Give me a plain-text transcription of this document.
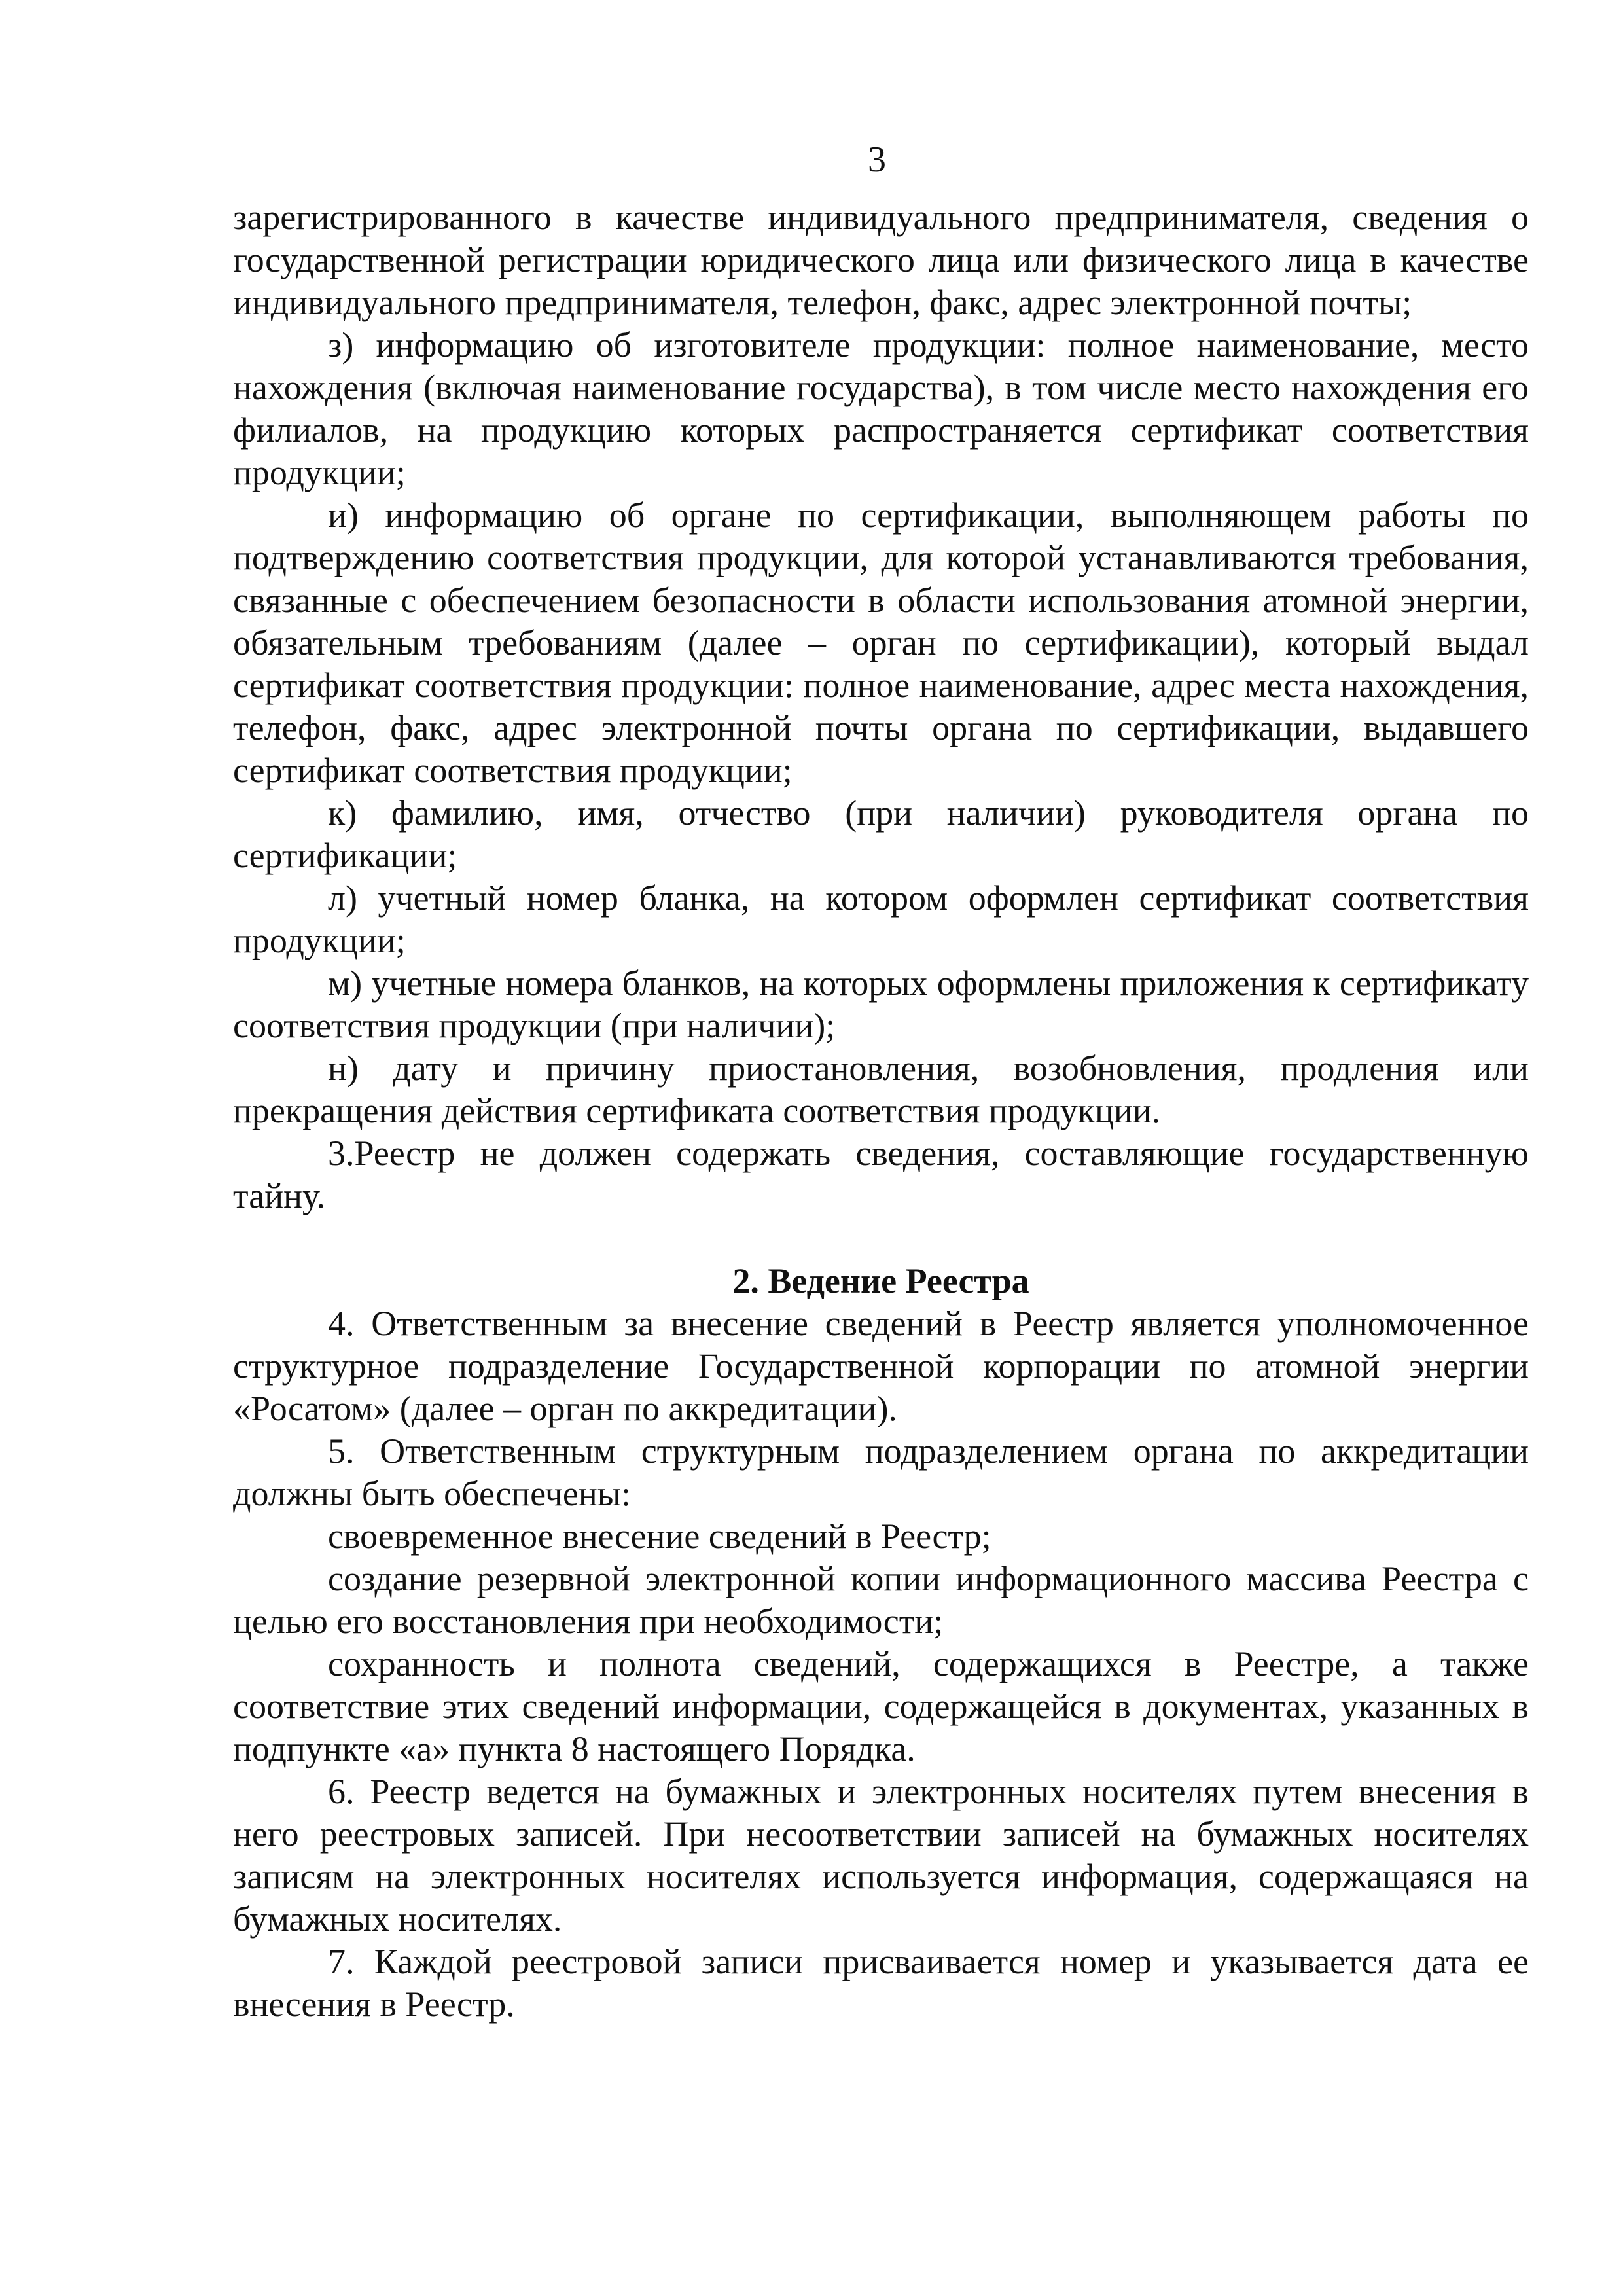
3

зарегистрированного в качестве индивидуального предпринимателя, сведения о государственной регистрации юридического лица или физического лица в качестве индивидуального предпринимателя, телефон, факс, адрес электронной почты;

з) информацию об изготовителе продукции: полное наименование, место нахождения (включая наименование государства), в том числе место нахождения его филиалов, на продукцию которых распространяется сертификат соответствия продукции;

и) информацию об органе по сертификации, выполняющем работы по подтверждению соответствия продукции, для которой устанавливаются требования, связанные с обеспечением безопасности в области использования атомной энергии, обязательным требованиям (далее – орган по сертификации), который выдал сертификат соответствия продукции: полное наименование, адрес места нахождения, телефон, факс, адрес электронной почты органа по сертификации, выдавшего сертификат соответствия продукции;

к) фамилию, имя, отчество (при наличии) руководителя органа по сертификации;

л) учетный номер бланка, на котором оформлен сертификат соответствия продукции;

м) учетные номера бланков, на которых оформлены приложения к сертификату соответствия продукции (при наличии);

н) дату и причину приостановления, возобновления, продления или прекращения действия сертификата соответствия продукции.

3.Реестр не должен содержать сведения, составляющие государственную тайну.

2. Ведение Реестра

4. Ответственным за внесение сведений в Реестр является уполномоченное структурное подразделение Государственной корпорации по атомной энергии «Росатом» (далее – орган по аккредитации).

5. Ответственным структурным подразделением органа по аккредитации должны быть обеспечены:

своевременное внесение сведений в Реестр;

создание резервной электронной копии информационного массива Реестра с целью его восстановления при необходимости;

сохранность и полнота сведений, содержащихся в Реестре, а также соответствие этих сведений информации, содержащейся в документах, указанных в подпункте «а» пункта 8 настоящего Порядка.

6. Реестр ведется на бумажных и электронных носителях путем внесения в него реестровых записей. При несоответствии записей на бумажных носителях записям на электронных носителях используется информация, содержащаяся на бумажных носителях.

7. Каждой реестровой записи присваивается номер и указывается дата ее внесения в Реестр.
